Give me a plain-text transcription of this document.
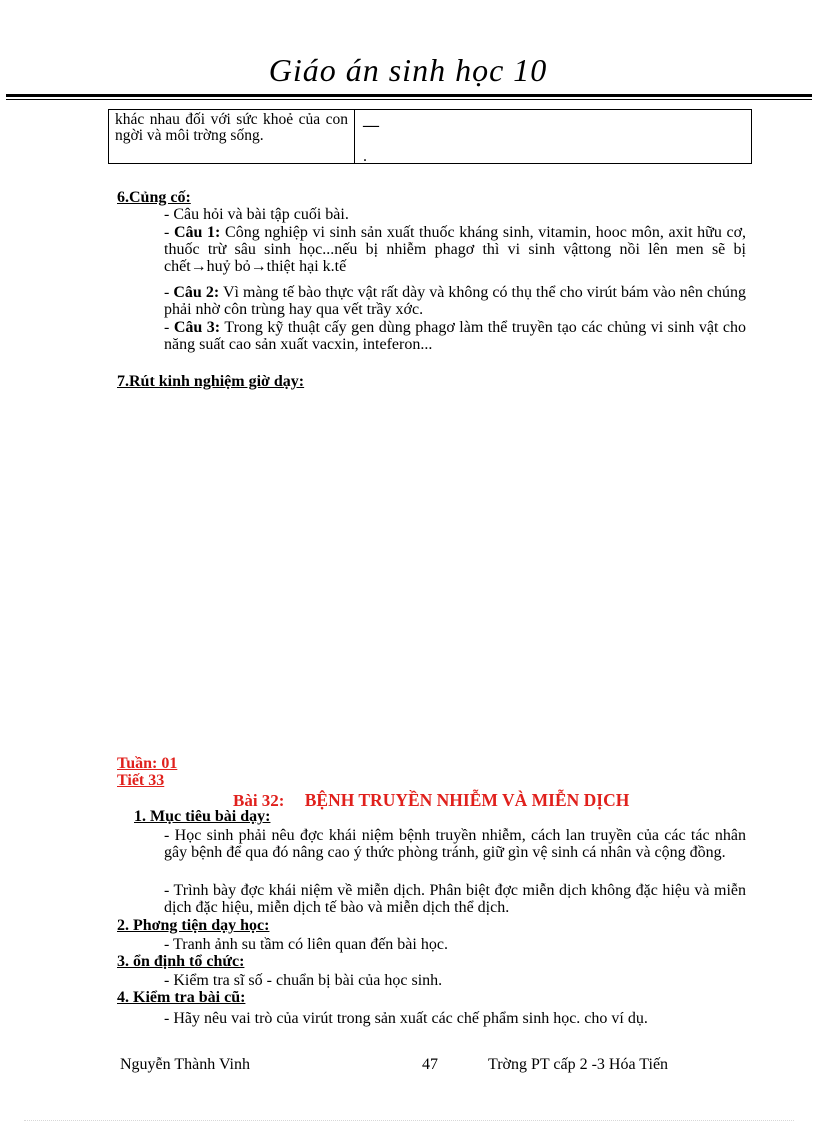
Giáo án sinh học 10
khác nhau đối với sức khoẻ của con ngời và môi trờng sống.
__
.
6.Củng cố:
- Câu hỏi và bài tập cuối bài.
- Câu 1: Công nghiệp vi sinh sản xuất thuốc kháng sinh, vitamin, hooc môn, axit hữu cơ, thuốc trừ sâu sinh học...nếu bị nhiễm phagơ thì vi sinh vậttong nồi lên men sẽ bị chết→huỷ bỏ→thiệt hại k.tế
- Câu 2: Vì màng tế bào thực vật rất dày và không có thụ thể cho virút bám vào nên chúng phải nhờ côn trùng hay qua vết trầy xớc.
- Câu 3: Trong kỹ thuật cấy gen dùng phagơ làm thể truyền tạo các chủng vi sinh vật cho năng suất cao sản xuất vacxin, inteferon...
7.Rút kinh nghiệm giờ dạy:
Tuần: 01
Tiết 33
Bài 32: BỆNH TRUYỀN NHIỄM VÀ MIỄN DỊCH
1. Mục tiêu bài dạy:
- Học sinh phải nêu đợc khái niệm bệnh truyền nhiễm, cách lan truyền của các tác nhân gây bệnh để qua đó nâng cao ý thức phòng tránh, giữ gìn vệ sinh cá nhân và cộng đồng.
- Trình bày đợc khái niệm về miễn dịch. Phân biệt đợc miễn dịch không đặc hiệu và miễn dịch đặc hiệu, miễn dịch tế bào và miễn dịch thể dịch.
2. Phơng tiện dạy học:
- Tranh ảnh su tầm có liên quan đến bài học.
3. ổn định tổ chức:
- Kiểm tra sĩ số - chuẩn bị bài của học sinh.
4. Kiểm tra bài cũ:
- Hãy nêu vai trò của virút trong sản xuất các chế phẩm sinh học. cho ví dụ.
Nguyễn Thành Vinh	47	Trờng PT cấp 2 -3 Hóa Tiến
